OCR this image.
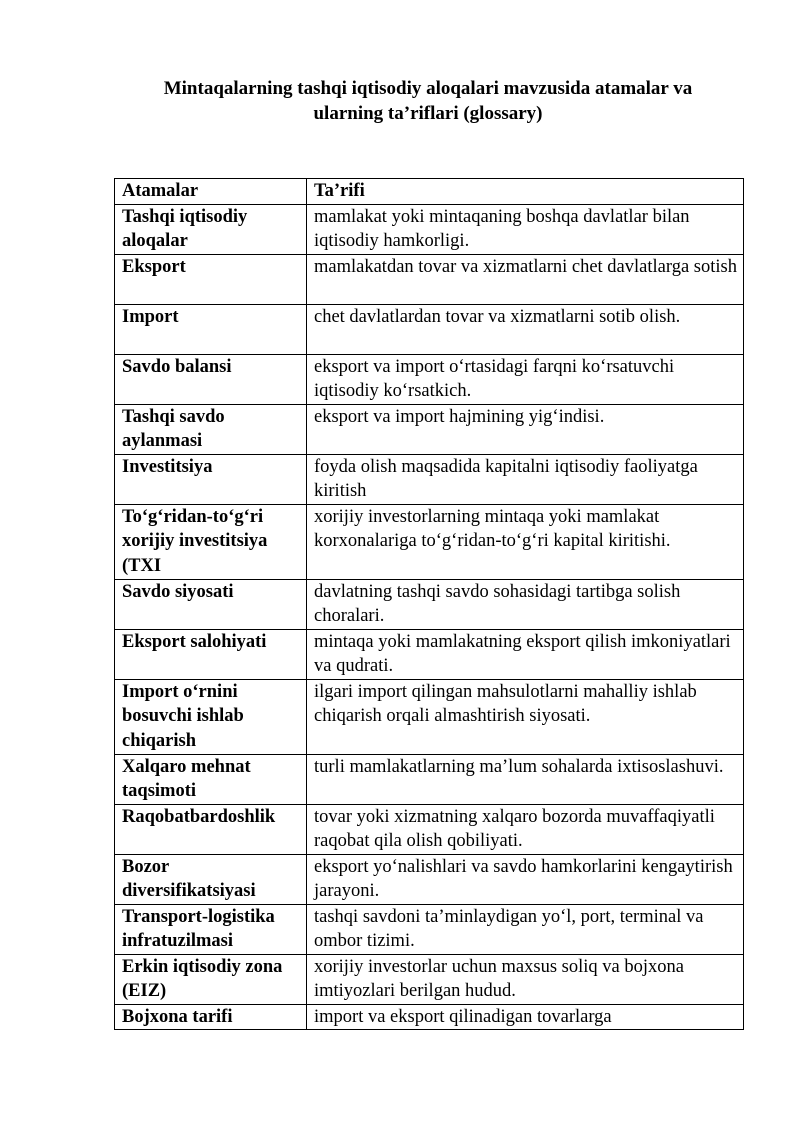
Mintaqalarning tashqi iqtisodiy aloqalari mavzusida atamalar va
ularning ta’riflari (glossary)
Atamalar	Ta’rifi
Tashqi iqtisodiy aloqalar	mamlakat yoki mintaqaning boshqa davlatlar bilan iqtisodiy hamkorligi.
Eksport	mamlakatdan tovar va xizmatlarni chet davlatlarga sotish
Import	chet davlatlardan tovar va xizmatlarni sotib olish.
Savdo balansi	eksport va import o‘rtasidagi farqni ko‘rsatuvchi iqtisodiy ko‘rsatkich.
Tashqi savdo aylanmasi	eksport va import hajmining yig‘indisi.
Investitsiya	foyda olish maqsadida kapitalni iqtisodiy faoliyatga kiritish
To‘g‘ridan-to‘g‘ri xorijiy investitsiya (TXI	xorijiy investorlarning mintaqa yoki mamlakat korxonalariga to‘g‘ridan-to‘g‘ri kapital kiritishi.
Savdo siyosati	davlatning tashqi savdo sohasidagi tartibga solish choralari.
Eksport salohiyati	mintaqa yoki mamlakatning eksport qilish imkoniyatlari va qudrati.
Import o‘rnini bosuvchi ishlab chiqarish	ilgari import qilingan mahsulotlarni mahalliy ishlab chiqarish orqali almashtirish siyosati.
Xalqaro mehnat taqsimoti	turli mamlakatlarning ma’lum sohalarda ixtisoslashuvi.
Raqobatbardoshlik	tovar yoki xizmatning xalqaro bozorda muvaffaqiyatli raqobat qila olish qobiliyati.
Bozor diversifikatsiyasi	eksport yo‘nalishlari va savdo hamkorlarini kengaytirish jarayoni.
Transport-logistika infratuzilmasi	tashqi savdoni ta’minlaydigan yo‘l, port, terminal va ombor tizimi.
Erkin iqtisodiy zona (EIZ)	xorijiy investorlar uchun maxsus soliq va bojxona imtiyozlari berilgan hudud.
Bojxona tarifi	import va eksport qilinadigan tovarlarga
